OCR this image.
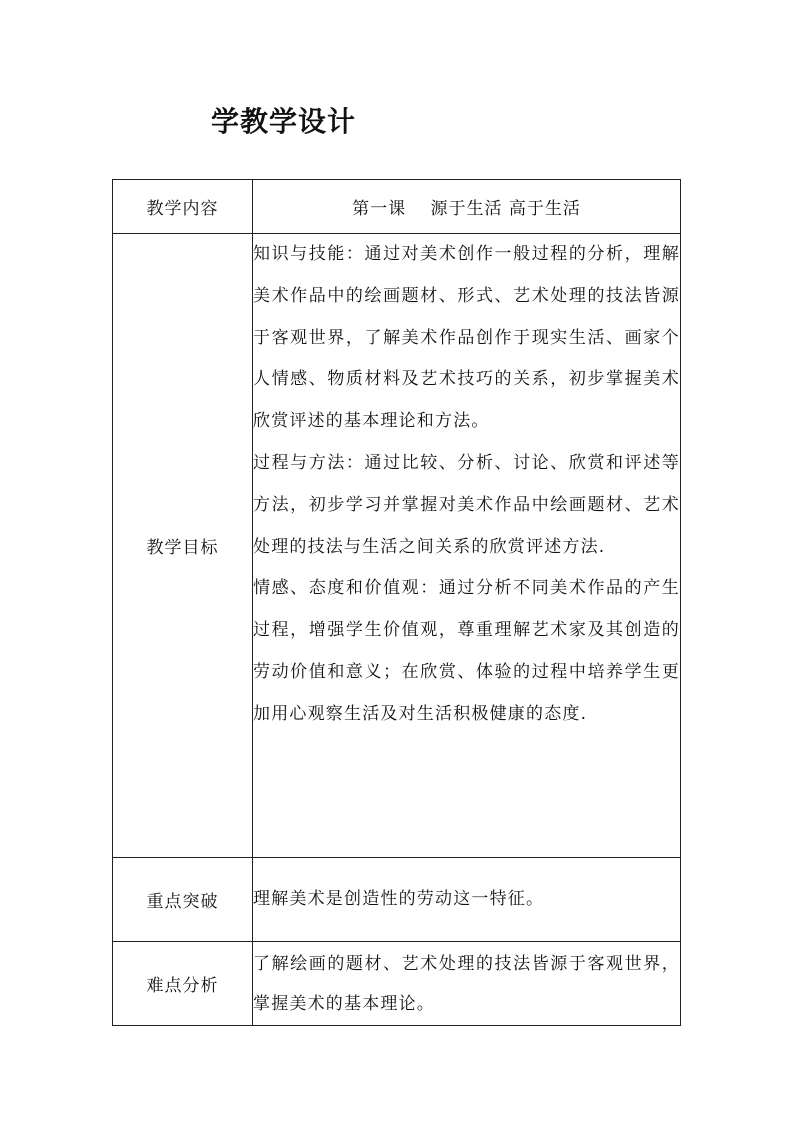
学教学设计
教学内容	第一课　 源于生活 高于生活
教学目标	知识与技能：通过对美术创作一般过程的分析，理解美术作品中的绘画题材、形式、艺术处理的技法皆源于客观世界，了解美术作品创作于现实生活、画家个人情感、物质材料及艺术技巧的关系，初步掌握美术欣赏评述的基本理论和方法。
过程与方法：通过比较、分析、讨论、欣赏和评述等方法，初步学习并掌握对美术作品中绘画题材、艺术处理的技法与生活之间关系的欣赏评述方法.
情感、态度和价值观：通过分析不同美术作品的产生过程，增强学生价值观，尊重理解艺术家及其创造的劳动价值和意义；在欣赏、体验的过程中培养学生更加用心观察生活及对生活积极健康的态度.

重点突破	理解美术是创造性的劳动这一特征。

难点分析	了解绘画的题材、艺术处理的技法皆源于客观世界，掌握美术的基本理论。
